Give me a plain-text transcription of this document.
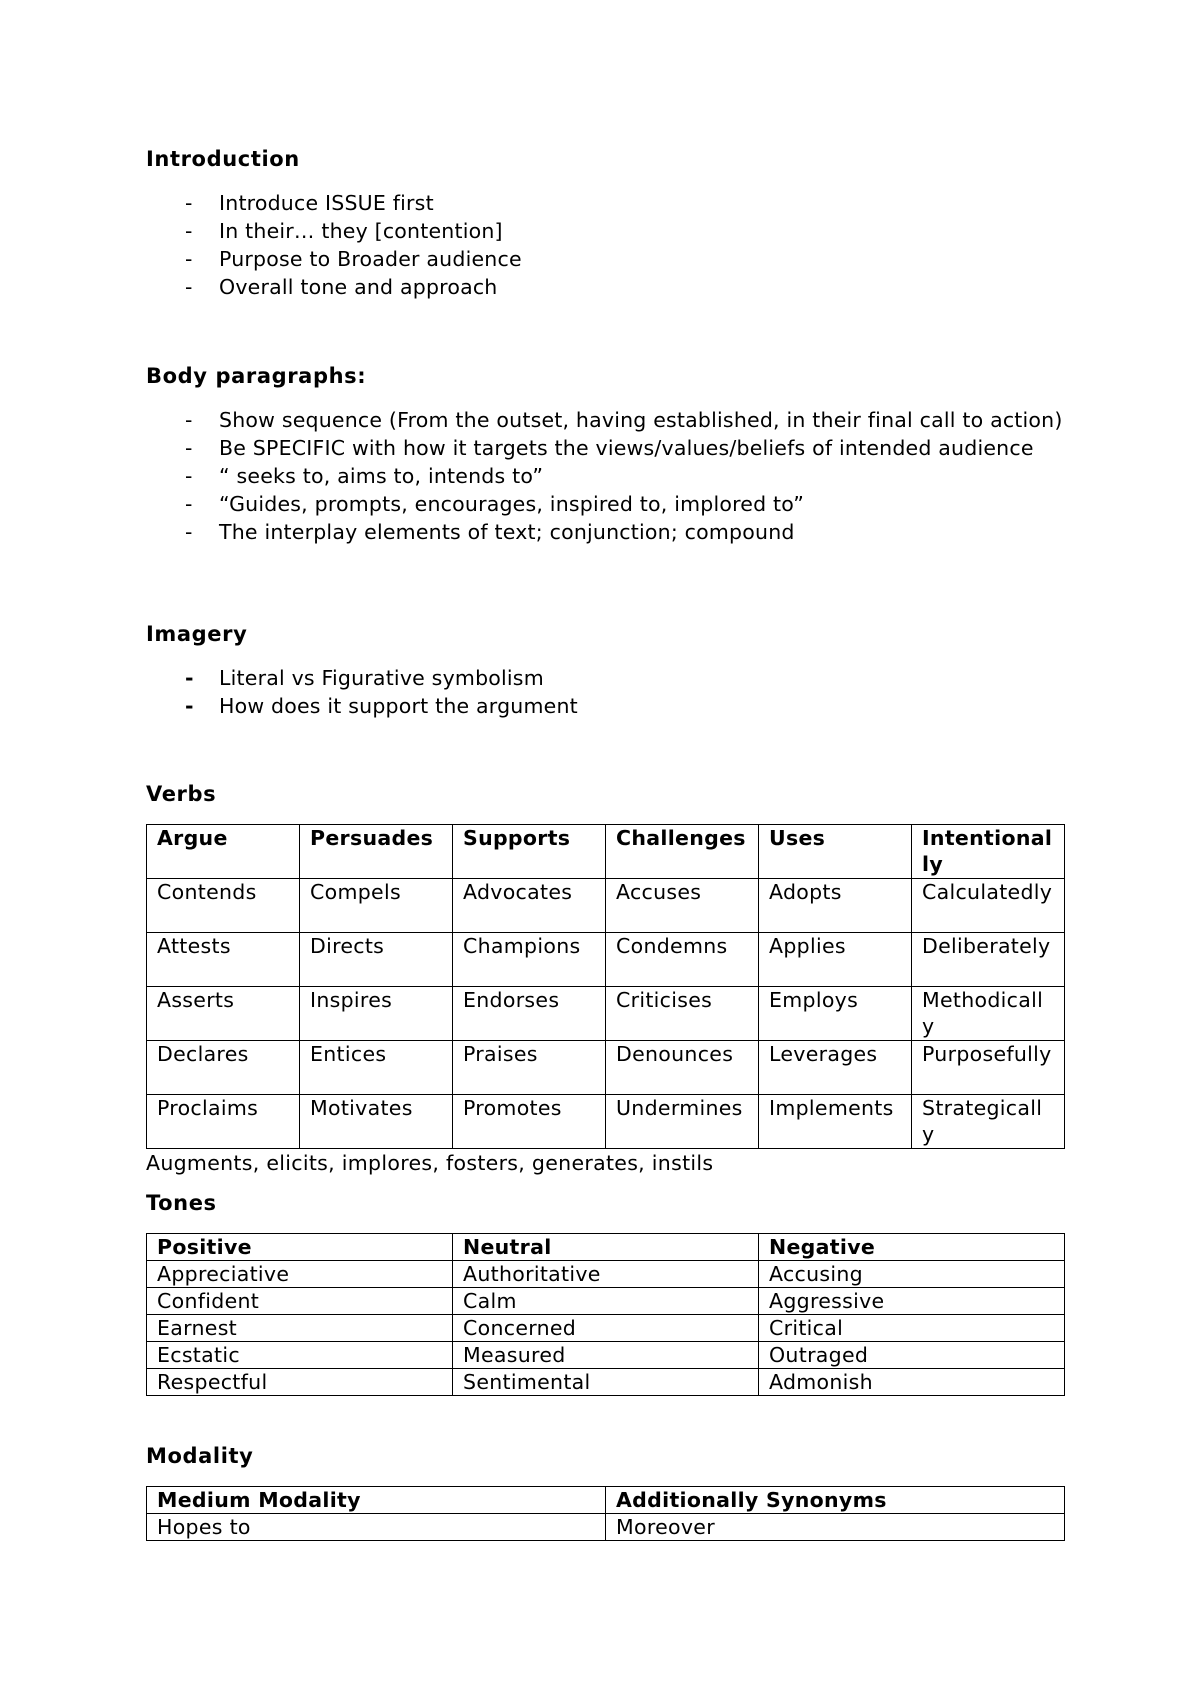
Introduction
- Introduce ISSUE first
- In their… they [contention]
- Purpose to Broader audience
- Overall tone and approach
Body paragraphs:
- Show sequence (From the outset, having established, in their final call to action)
- Be SPECIFIC with how it targets the views/values/beliefs of intended audience
- “ seeks to, aims to, intends to”
- “Guides, prompts, encourages, inspired to, implored to”
- The interplay elements of text; conjunction; compound
Imagery
- Literal vs Figurative symbolism
- How does it support the argument
Verbs
Argue	Persuades	Supports	Challenges	Uses	Intentionally
Contends	Compels	Advocates	Accuses	Adopts	Calculatedly
Attests	Directs	Champions	Condemns	Applies	Deliberately
Asserts	Inspires	Endorses	Criticises	Employs	Methodically
Declares	Entices	Praises	Denounces	Leverages	Purposefully
Proclaims	Motivates	Promotes	Undermines	Implements	Strategically
Augments, elicits, implores, fosters, generates, instils
Tones
Positive	Neutral	Negative
Appreciative	Authoritative	Accusing
Confident	Calm	Aggressive
Earnest	Concerned	Critical
Ecstatic	Measured	Outraged
Respectful	Sentimental	Admonish
Modality
Medium Modality	Additionally Synonyms
Hopes to	Moreover
